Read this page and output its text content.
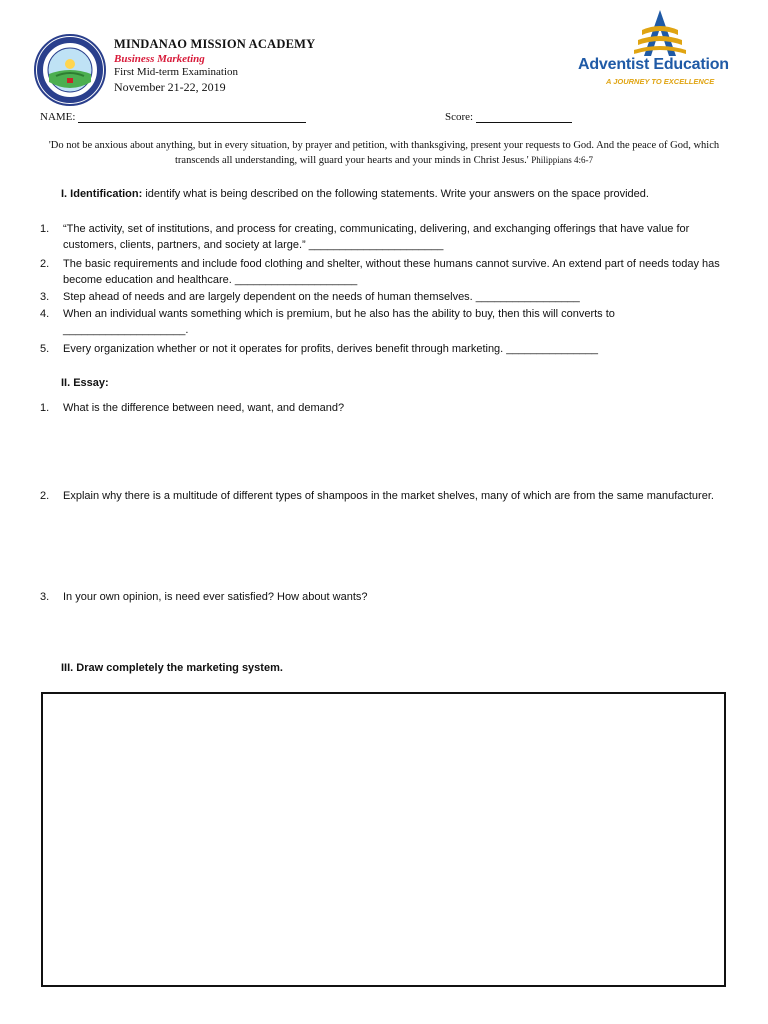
MINDANAO MISSION ACADEMY
Business Marketing
First Mid-term Examination
November 21-22, 2019
Adventist Education
A JOURNEY TO EXCELLENCE
NAME:	Score:
'Do not be anxious about anything, but in every situation, by prayer and petition, with thanksgiving, present your requests to God. And the peace of God, which transcends all understanding, will guard your hearts and your minds in Christ Jesus.' Philippians 4:6-7
I. Identification: identify what is being described on the following statements. Write your answers on the space provided.
1. “The activity, set of institutions, and process for creating, communicating, delivering, and exchanging offerings that have value for customers, clients, partners, and society at large.” ______________________
2. The basic requirements and include food clothing and shelter, without these humans cannot survive. An extend part of needs today has become education and healthcare. ____________________
3. Step ahead of needs and are largely dependent on the needs of human themselves. _________________
4. When an individual wants something which is premium, but he also has the ability to buy, then this will converts to ____________________.
5. Every organization whether or not it operates for profits, derives benefit through marketing. _______________
II. Essay:
1. What is the difference between need, want, and demand?
2. Explain why there is a multitude of different types of shampoos in the market shelves, many of which are from the same manufacturer.
3. In your own opinion, is need ever satisfied? How about wants?
III. Draw completely the marketing system.
